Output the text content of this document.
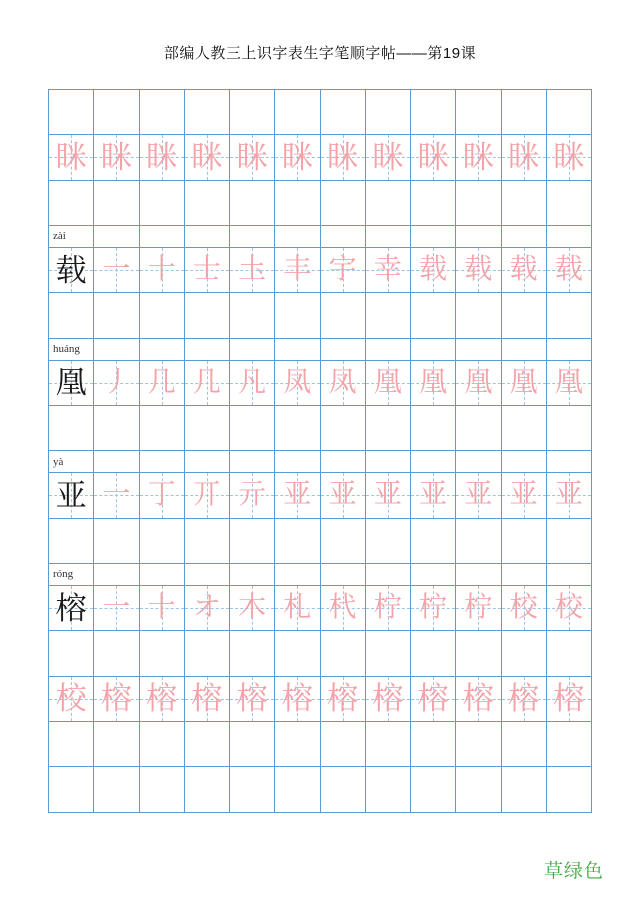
部编人教三上识字表生字笔顺字帖——第19课
眯 眯 眯 眯 眯 眯 眯 眯 眯 眯 眯 眯
zài
载 一 十 士 圡 丰 宇 幸 载 载 载 载
huáng
凰 丿 几 几 凡 凤 凤 凰 凰 凰 凰 凰
yà
亚 一 丁 丌 亓 亚 亚 亚 亚 亚 亚 亚
róng
榕 一 十 オ 木 札 杙 柠 柠 柠 校 校
校 榕 榕 榕 榕 榕 榕 榕 榕 榕 榕 榕
草绿色
